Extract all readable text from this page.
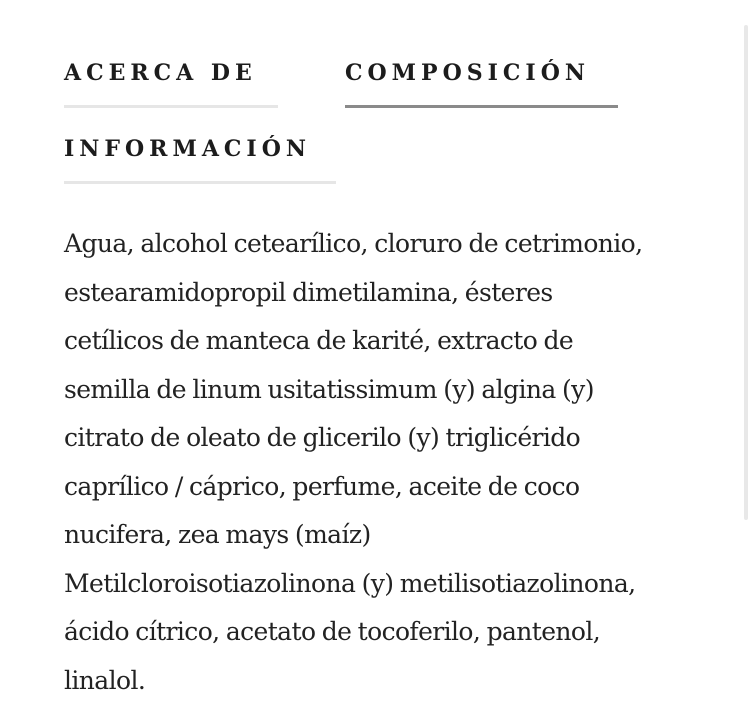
ACERCA DE	COMPOSICIÓN
INFORMACIÓN
Agua, alcohol cetearílico, cloruro de cetrimonio,
estearamidopropil dimetilamina, ésteres
cetílicos de manteca de karité, extracto de
semilla de linum usitatissimum (y) algina (y)
citrato de oleato de glicerilo (y) triglicérido
caprílico / cáprico, perfume, aceite de coco
nucifera, zea mays (maíz)
Metilcloroisotiazolinona (y) metilisotiazolinona,
ácido cítrico, acetato de tocoferilo, pantenol,
linalol.
